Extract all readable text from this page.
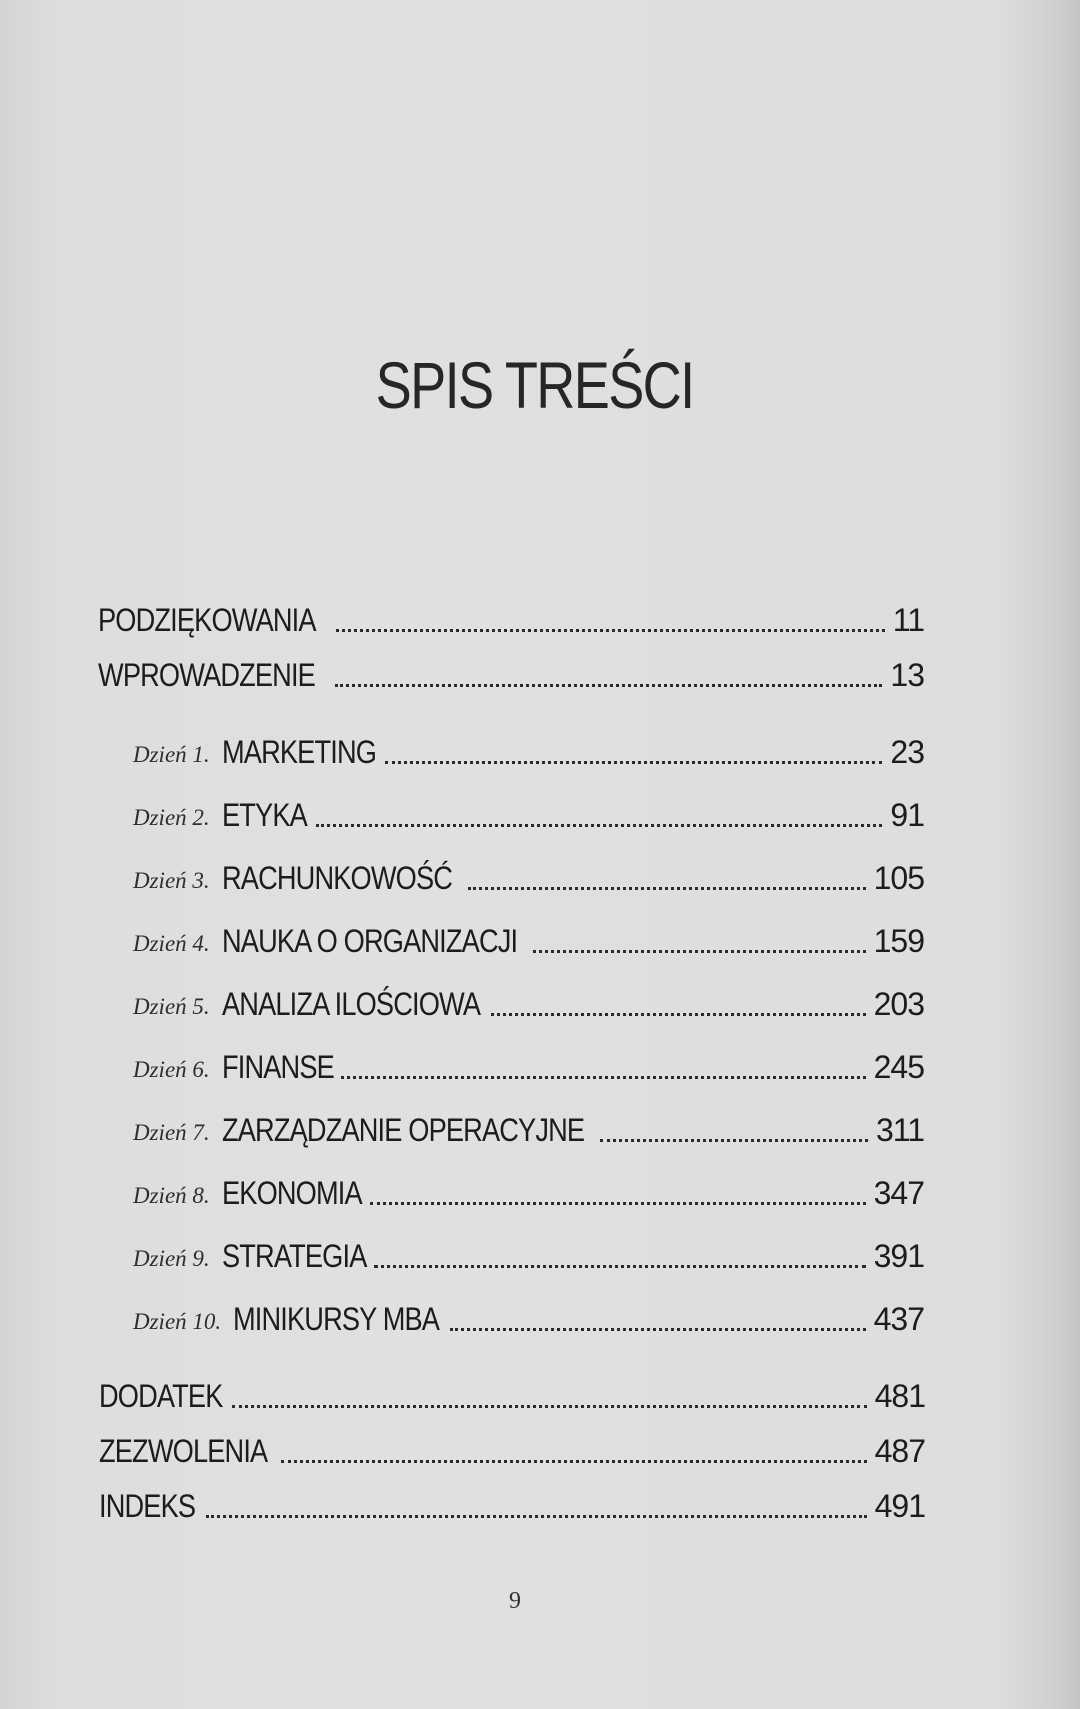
SPIS TREŚCI
PODZIĘKOWANIA	11
WPROWADZENIE	13
Dzień 1. MARKETING	23
Dzień 2. ETYKA	91
Dzień 3. RACHUNKOWOŚĆ	105
Dzień 4. NAUKA O ORGANIZACJI	159
Dzień 5. ANALIZA ILOŚCIOWA	203
Dzień 6. FINANSE	245
Dzień 7. ZARZĄDZANIE OPERACYJNE	311
Dzień 8. EKONOMIA	347
Dzień 9. STRATEGIA	391
Dzień 10. MINIKURSY MBA	437
DODATEK	481
ZEZWOLENIA	487
INDEKS	491
9
